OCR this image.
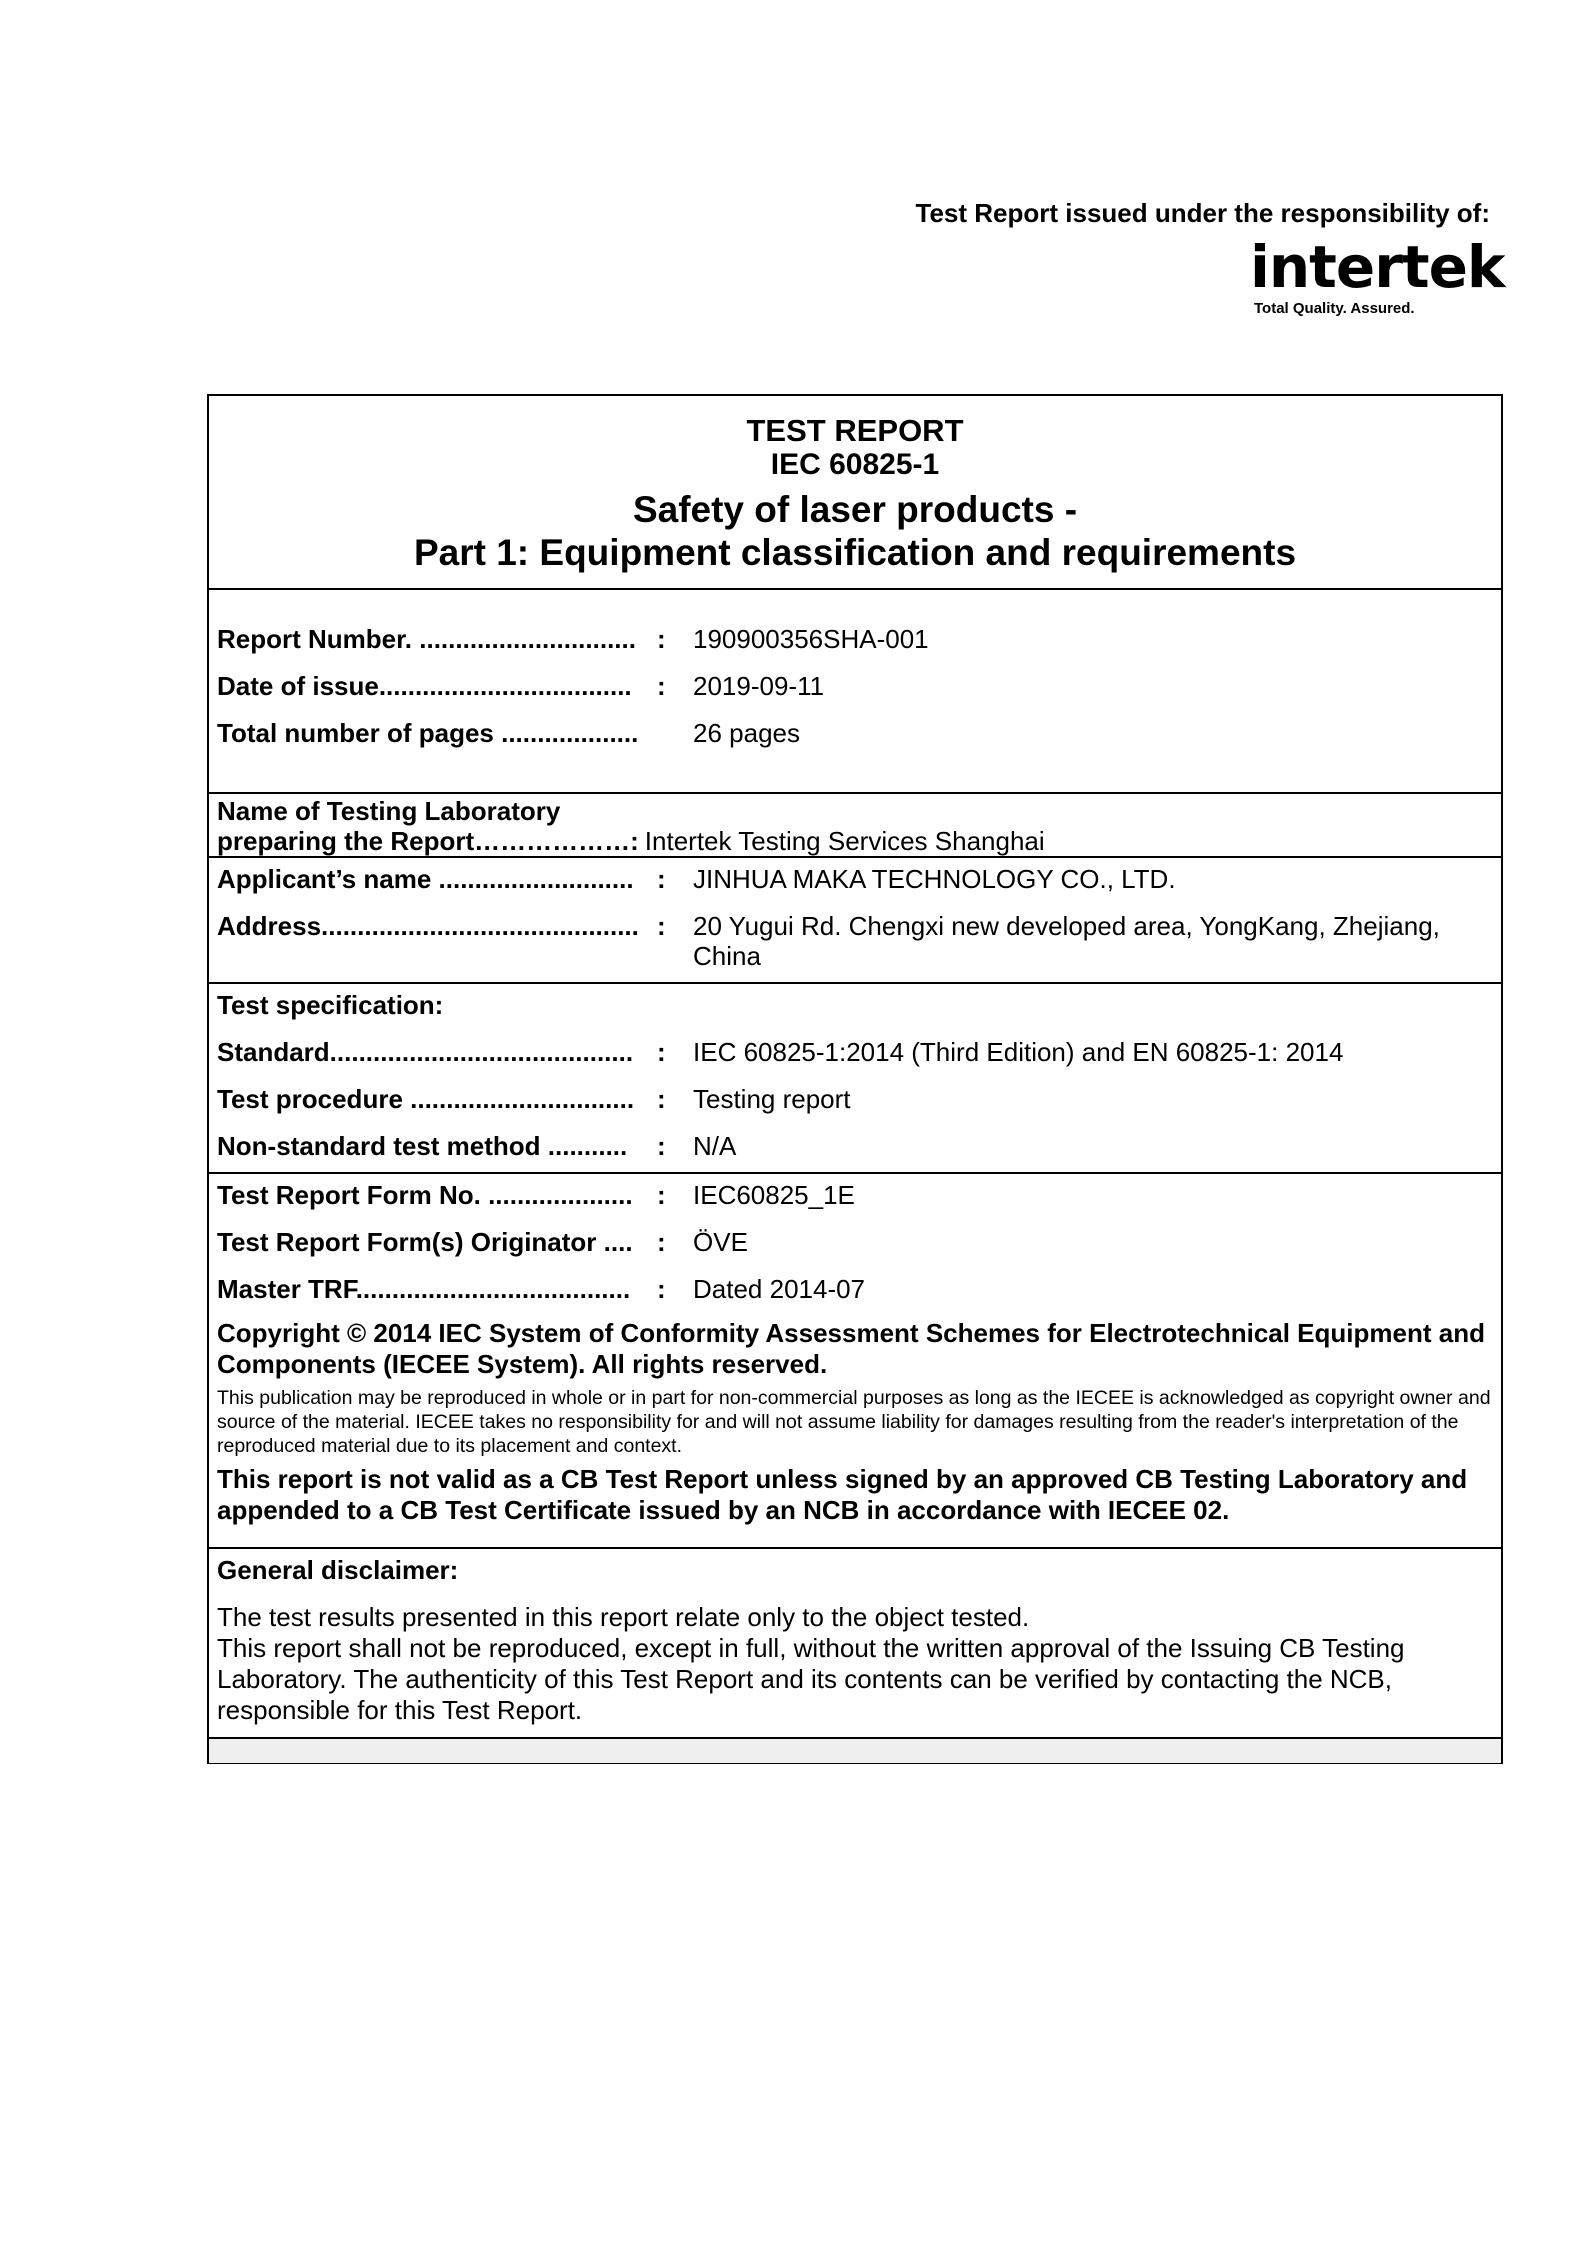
Test Report issued under the responsibility of:
intertek
Total Quality. Assured.
TEST REPORT
IEC 60825-1
Safety of laser products -
Part 1: Equipment classification and requirements
Report Number. .............................. :	190900356SHA-001
Date of issue................................... :	2019-09-11
Total number of pages ...................	26 pages
Name of Testing Laboratory
preparing the Report………………: Intertek Testing Services Shanghai
Applicant’s name ........................... :	JINHUA MAKA TECHNOLOGY CO., LTD.
Address............................................ :	20 Yugui Rd. Chengxi new developed area, YongKang, Zhejiang, China
Test specification:
Standard.......................................... :	IEC 60825-1:2014 (Third Edition) and EN 60825-1: 2014
Test procedure ............................... :	Testing report
Non-standard test method ...........	:	N/A
Test Report Form No. .................... :	IEC60825_1E
Test Report Form(s) Originator .... :	ÖVE
Master TRF......................................	:	Dated 2014-07
Copyright © 2014 IEC System of Conformity Assessment Schemes for Electrotechnical Equipment and Components (IECEE System). All rights reserved.
This publication may be reproduced in whole or in part for non-commercial purposes as long as the IECEE is acknowledged as copyright owner and source of the material. IECEE takes no responsibility for and will not assume liability for damages resulting from the reader's interpretation of the reproduced material due to its placement and context.
This report is not valid as a CB Test Report unless signed by an approved CB Testing Laboratory and appended to a CB Test Certificate issued by an NCB in accordance with IECEE 02.
General disclaimer:
The test results presented in this report relate only to the object tested.
This report shall not be reproduced, except in full, without the written approval of the Issuing CB Testing Laboratory. The authenticity of this Test Report and its contents can be verified by contacting the NCB, responsible for this Test Report.
